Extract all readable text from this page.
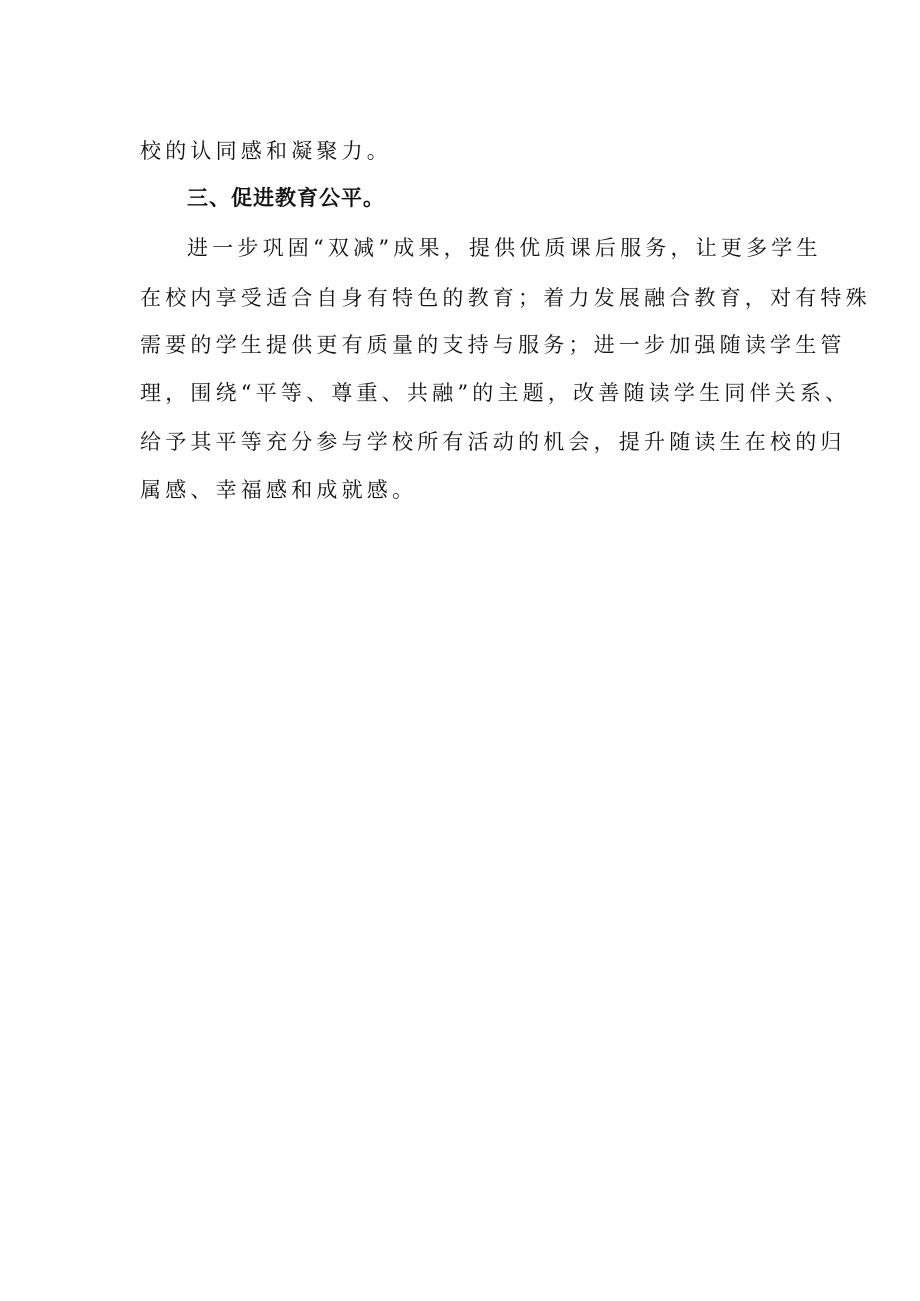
校的认同感和凝聚力。
三、促进教育公平。
进一步巩固“双减”成果，提供优质课后服务，让更多学生
在校内享受适合自身有特色的教育；着力发展融合教育，对有特殊
需要的学生提供更有质量的支持与服务；进一步加强随读学生管
理，围绕“平等、尊重、共融”的主题，改善随读学生同伴关系、
给予其平等充分参与学校所有活动的机会，提升随读生在校的归
属感、幸福感和成就感。
